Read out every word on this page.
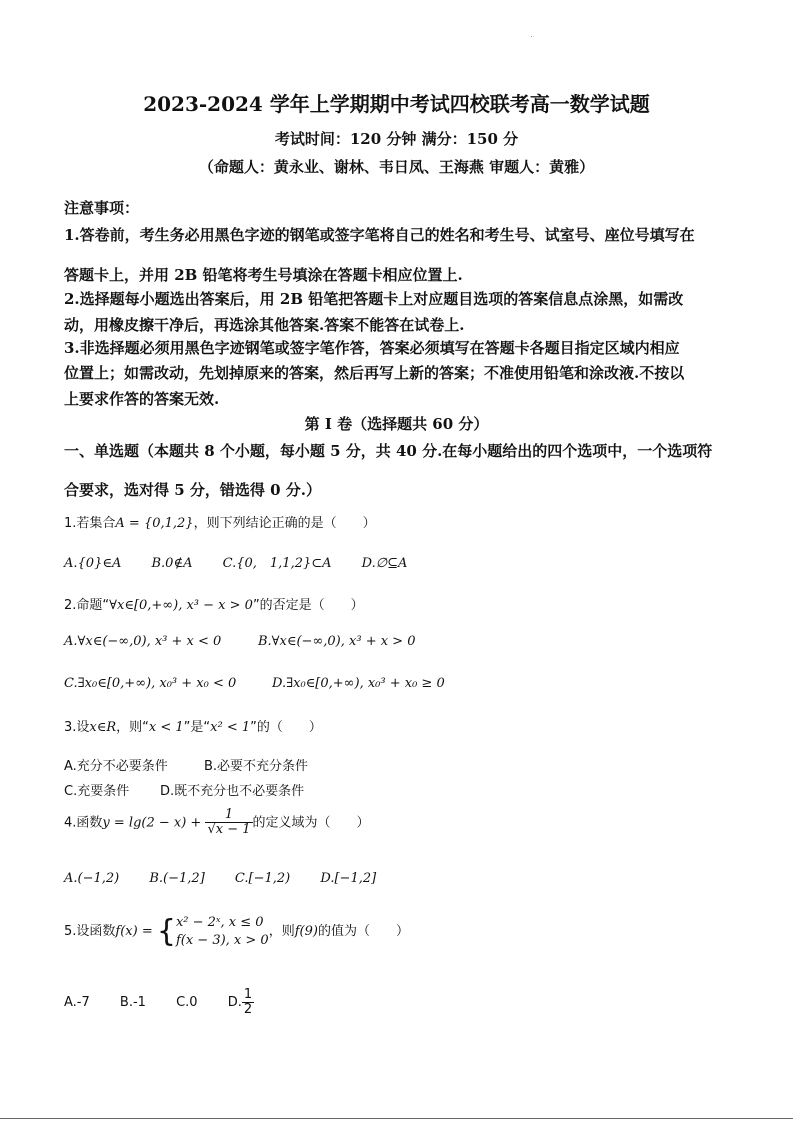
2023-2024 学年上学期期中考试四校联考高一数学试题
考试时间：120 分钟 满分：150 分
（命题人：黄永业、谢林、韦日凤、王海燕 审题人：黄雅）
注意事项：
1.答卷前，考生务必用黑色字迹的钢笔或签字笔将自己的姓名和考生号、试室号、座位号填写在
答题卡上，并用 2B 铅笔将考生号填涂在答题卡相应位置上.
2.选择题每小题选出答案后，用 2B 铅笔把答题卡上对应题目选项的答案信息点涂黑，如需改
动，用橡皮擦干净后，再选涂其他答案.答案不能答在试卷上.
3.非选择题必须用黑色字迹钢笔或签字笔作答，答案必须填写在答题卡各题目指定区域内相应
位置上；如需改动，先划掉原来的答案，然后再写上新的答案；不准使用铅笔和涂改液.不按以
上要求作答的答案无效.
第 I 卷（选择题共 60 分）
一、单选题（本题共 8 个小题，每小题 5 分，共 40 分.在每小题给出的四个选项中，一个选项符
合要求，选对得 5 分，错选得 0 分.）
1.若集合A = {0,1,2}，则下列结论正确的是（　　）
A.{0}∈A B.0∉A C.{0,　1,1,2}⊂A D.∅⊆A
2.命题“∀x∈[0,+∞), x³ − x > 0”的否定是（　　）
A.∀x∈(−∞,0), x³ + x < 0	B.∀x∈(−∞,0), x³ + x > 0
C.∃x₀∈[0,+∞), x₀³ + x₀ < 0	D.∃x₀∈[0,+∞), x₀³ + x₀ ≥ 0
3.设x∈R，则“x < 1”是“x² < 1”的（　　）
A.充分不必要条件	B.必要不充分条件
C.充要条件 D.既不充分也不必要条件
4.函数$y = \lg(2 - x) + \frac{1}{√x - 1}$ 的定义域为（　　）
A.(−1,2) B.(−1,2] C.[−1,2) D.[−1,2]
5.设函数f(x) = { x² − 2ˣ, x ≤ 0
f(x − 3), x > 0
，则f(9)的值为（　　）
A.-7 B.-1 C.0 D. $\frac{1}{2}$
